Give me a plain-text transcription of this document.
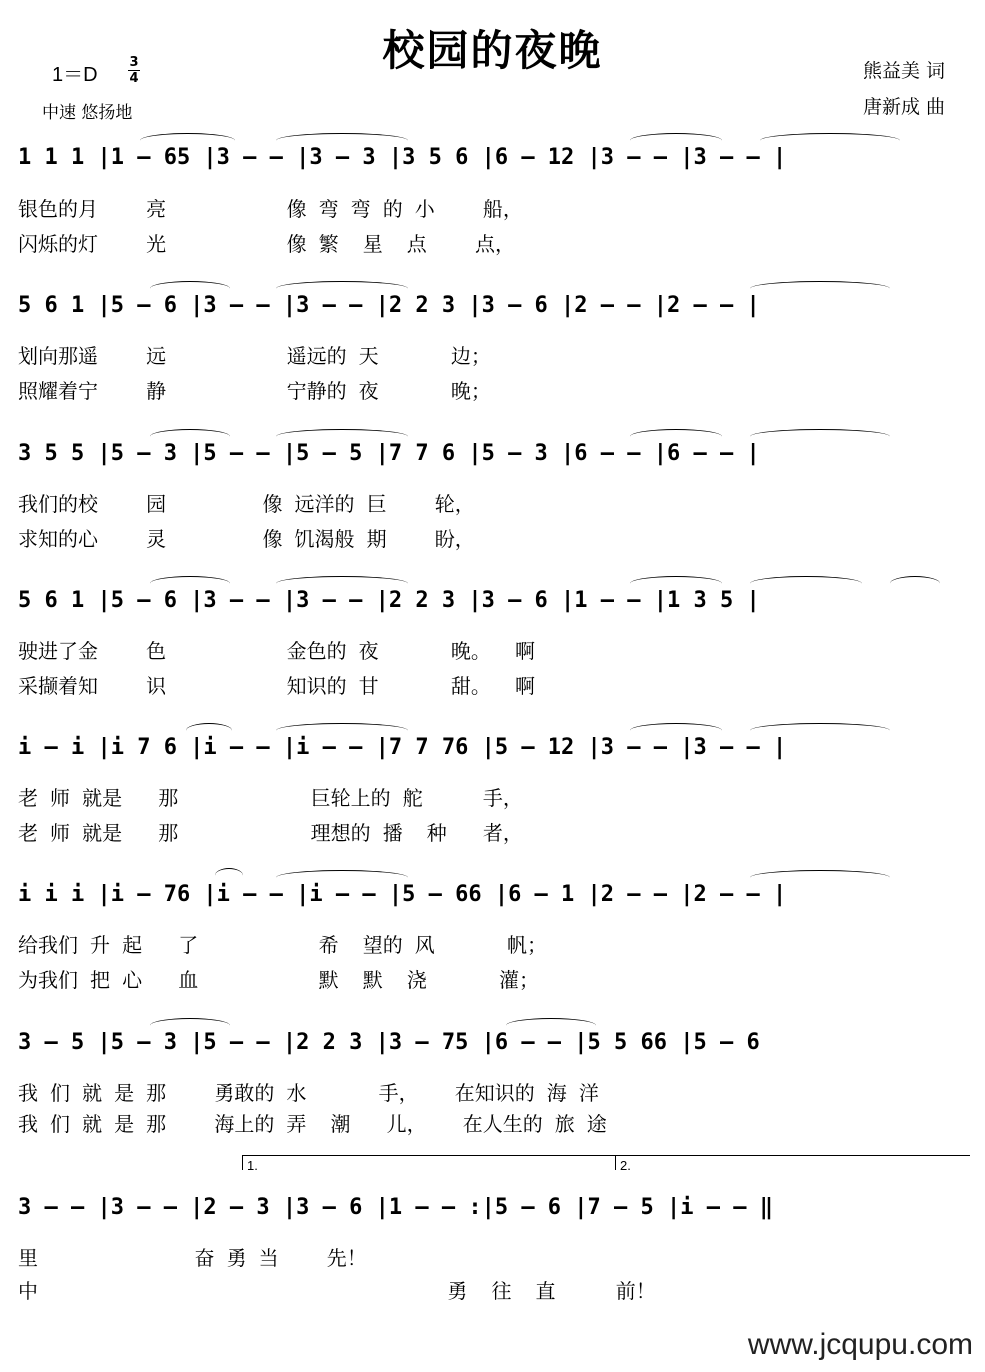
校园的夜晚
1＝D
3
4
中速 悠扬地
熊益美 词
唐新成 曲
1 1 1 |1 – 65 |3 – – |3 – 3 |3 5 6 |6 – 12 |3 – – |3 – – |
银色的月    亮          像 弯 弯 的 小    船，
闪烁的灯    光          像 繁  星  点    点，
5 6 1 |5 – 6 |3 – – |3 – – |2 2 3 |3 – 6 |2 – – |2 – – |
划向那遥    远          遥远的 天      边；
照耀着宁    静          宁静的 夜      晚；
3 5 5 |5 – 3 |5 – – |5 – 5 |7 7 6 |5 – 3 |6 – – |6 – – |
我们的校    园        像 远洋的 巨    轮，
求知的心    灵        像 饥渴般 期    盼，
5 6 1 |5 – 6 |3 – – |3 – – |2 2 3 |3 – 6 |1 – – |1 3 5 |
驶进了金    色          金色的 夜      晚。  啊
采撷着知    识          知识的 甘      甜。  啊
i – i |i 7 6 |i – – |i – – |7 7 76 |5 – 12 |3 – – |3 – – |
老 师 就是   那           巨轮上的 舵     手，
老 师 就是   那           理想的 播  种   者，
i i i |i – 76 |i – – |i – – |5 – 66 |6 – 1 |2 – – |2 – – |
给我们 升 起   了          希  望的 风      帆；
为我们 把 心   血          默  默  浇      灌；
3 – 5 |5 – 3 |5 – – |2 2 3 |3 – 75 |6 – – |5 5 66 |5 – 6
我 们 就 是 那    勇敢的 水      手，   在知识的 海 洋
我 们 就 是 那    海上的 弄  潮   儿，   在人生的 旅 途
1.	2.
3 – – |3 – – |2 – 3 |3 – 6 |1 – – :|5 – 6 |7 – 5 |i – – ‖
里             奋 勇 当    先！
中                                  勇  往  直     前！
www.jcqupu.com
